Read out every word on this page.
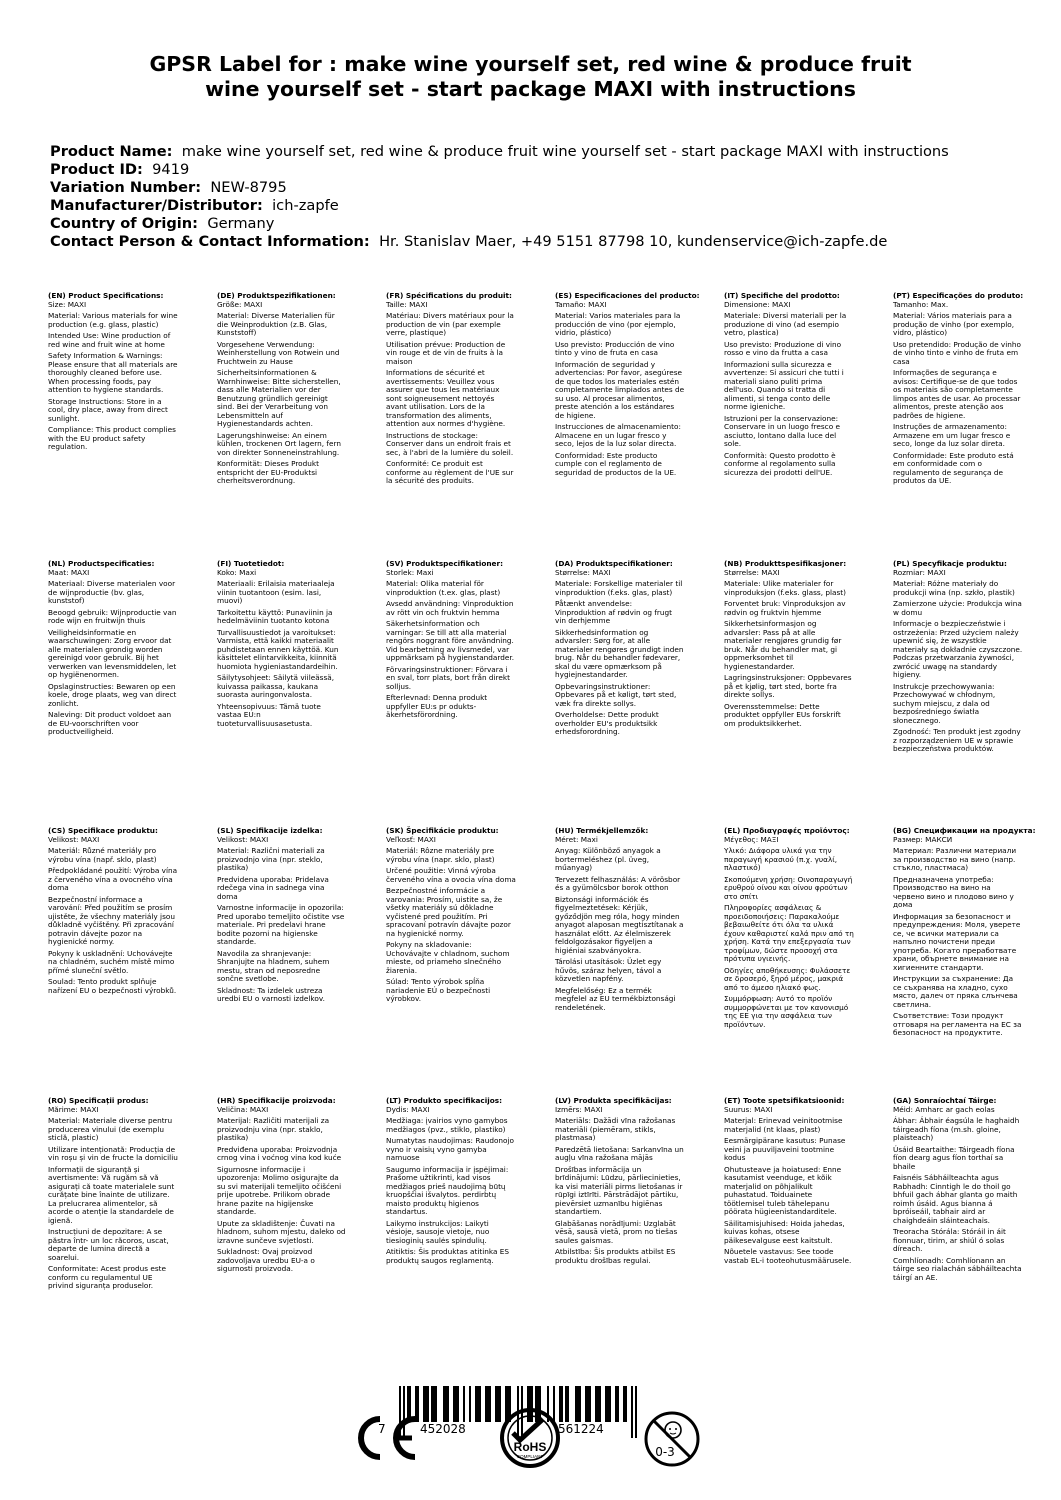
GPSR Label for : make wine yourself set, red wine & produce fruit
wine yourself set - start package MAXI with instructions
Product Name: make wine yourself set, red wine & produce fruit wine yourself set - start package MAXI with instructions
Product ID: 9419
Variation Number: NEW-8795
Manufacturer/Distributor: ich-zapfe
Country of Origin: Germany
Contact Person & Contact Information: Hr. Stanislav Maer, +49 5151 87798 10, kundenservice@ich-zapfe.de
(EN) Product Specifications:
Size: MAXI
Material: Various materials for wine production (e.g. glass, plastic)
Intended Use: Wine production of red wine and fruit wine at home
Safety Information & Warnings: Please ensure that all materials are thoroughly cleaned before use. When processing foods, pay attention to hygiene standards.
Storage Instructions: Store in a cool, dry place, away from direct sunlight.
Compliance: This product complies with the EU product safety regulation.
(DE) Produktspezifikationen:
Größe: MAXI
Material: Diverse Materialien für die Weinproduktion (z.B. Glas, Kunststoff)
Vorgesehene Verwendung: Weinherstellung von Rotwein und Fruchtwein zu Hause
Sicherheitsinformationen & Warnhinweise: Bitte sicherstellen, dass alle Materialien vor der Benutzung gründlich gereinigt sind. Bei der Verarbeitung von Lebensmitteln auf Hygienestandards achten.
Lagerungshinweise: An einem kühlen, trockenen Ort lagern, fern von direkter Sonneneinstrahlung.
Konformität: Dieses Produkt entspricht der EU-Produktsi cherheitsverordnung.
(FR) Spécifications du produit:
Taille: MAXI
Matériau: Divers matériaux pour la production de vin (par exemple verre, plastique)
Utilisation prévue: Production de vin rouge et de vin de fruits à la maison
Informations de sécurité et avertissements: Veuillez vous assurer que tous les matériaux sont soigneusement nettoyés avant utilisation. Lors de la transformation des aliments, attention aux normes d'hygiène.
Instructions de stockage: Conserver dans un endroit frais et sec, à l'abri de la lumière du soleil.
Conformité: Ce produit est conforme au règlement de l'UE sur la sécurité des produits.
(ES) Especificaciones del producto:
Tamaño: MAXI
Material: Varios materiales para la producción de vino (por ejemplo, vidrio, plástico)
Uso previsto: Producción de vino tinto y vino de fruta en casa
Información de seguridad y advertencias: Por favor, asegúrese de que todos los materiales estén completamente limpiados antes de su uso. Al procesar alimentos, preste atención a los estándares de higiene.
Instrucciones de almacenamiento: Almacene en un lugar fresco y seco, lejos de la luz solar directa.
Conformidad: Este producto cumple con el reglamento de seguridad de productos de la UE.
(IT) Specifiche del prodotto:
Dimensione: MAXI
Materiale: Diversi materiali per la produzione di vino (ad esempio vetro, plastica)
Uso previsto: Produzione di vino rosso e vino da frutta a casa
Informazioni sulla sicurezza e avvertenze: Si assicuri che tutti i materiali siano puliti prima dell'uso. Quando si tratta di alimenti, si tenga conto delle norme igieniche.
Istruzioni per la conservazione: Conservare in un luogo fresco e asciutto, lontano dalla luce del sole.
Conformità: Questo prodotto è conforme al regolamento sulla sicurezza dei prodotti dell'UE.
(PT) Especificações do produto:
Tamanho: Max.
Material: Vários materiais para a produção de vinho (por exemplo, vidro, plástico)
Uso pretendido: Produção de vinho de vinho tinto e vinho de fruta em casa
Informações de segurança e avisos: Certifique-se de que todos os materiais são completamente limpos antes de usar. Ao processar alimentos, preste atenção aos padrões de higiene.
Instruções de armazenamento: Armazene em um lugar fresco e seco, longe da luz solar direta.
Conformidade: Este produto está em conformidade com o regulamento de segurança de produtos da UE.
(NL) Productspecificaties:
Maat: MAXI
Materiaal: Diverse materialen voor de wijnproductie (bv. glas, kunststof)
Beoogd gebruik: Wijnproductie van rode wijn en fruitwijn thuis
Veiligheidsinformatie en waarschuwingen: Zorg ervoor dat alle materialen grondig worden gereinigd voor gebruik. Bij het verwerken van levensmiddelen, let op hygiënenormen.
Opslaginstructies: Bewaren op een koele, droge plaats, weg van direct zonlicht.
Naleving: Dit product voldoet aan de EU-voorschriften voor productveiligheid.
(FI) Tuotetiedot:
Koko: Maxi
Materiaali: Erilaisia materiaaleja viinin tuotantoon (esim. lasi, muovi)
Tarkoitettu käyttö: Punaviinin ja hedelmäviinin tuotanto kotona
Turvallisuustiedot ja varoitukset: Varmista, että kaikki materiaalit puhdistetaan ennen käyttöä. Kun käsittelet elintarvikkeita, kiinnitä huomiota hygieniastandardeihin.
Säilytysohjeet: Säilytä viileässä, kuivassa paikassa, kaukana suorasta auringonvalosta.
Yhteensopivuus: Tämä tuote vastaa EU:n tuoteturvallisuusasetusta.
(SV) Produktspecifikationer:
Storlek: Maxi
Material: Olika material för vinproduktion (t.ex. glas, plast)
Avsedd användning: Vinproduktion av rött vin och fruktvin hemma
Säkerhetsinformation och varningar: Se till att alla material rengörs noggrant före användning. Vid bearbetning av livsmedel, var uppmärksam på hygienstandarder.
Förvaringsinstruktioner: Förvara i en sval, torr plats, bort från direkt solljus.
Efterlevnad: Denna produkt uppfyller EU:s pr oduktsäkerhetsförordning.
(DA) Produktspecifikationer:
Størrelse: MAXI
Materiale: Forskellige materialer til vinproduktion (f.eks. glas, plast)
Påtænkt anvendelse: Vinproduktion af rødvin og frugt vin derhjemme
Sikkerhedsinformation og advarsler: Sørg for, at alle materialer rengøres grundigt inden brug. Når du behandler fødevarer, skal du være opmærksom på hygiejnestandarder.
Opbevaringsinstruktioner: Opbevares på et køligt, tørt sted, væk fra direkte sollys.
Overholdelse: Dette produkt overholder EU's produktsikk erhedsforordning.
(NB) Produkttspesifikasjoner:
Størrelse: MAXI
Materiale: Ulike materialer for vinproduksjon (f.eks. glass, plast)
Forventet bruk: Vinproduksjon av rødvin og fruktvin hjemme
Sikkerhetsinformasjon og advarsler: Pass på at alle materialer rengjøres grundig før bruk. Når du behandler mat, gi oppmerksomhet til hygienestandarder.
Lagringsinstruksjoner: Oppbevares på et kjølig, tørt sted, borte fra direkte sollys.
Overensstemmelse: Dette produktet oppfyller EUs forskrift om produktsikkerhet.
(PL) Specyfikacje produktu:
Rozmiar: MAXI
Materiał: Różne materiały do produkcji wina (np. szkło, plastik)
Zamierzone użycie: Produkcja wina w domu
Informacje o bezpieczeństwie i ostrzeżenia: Przed użyciem należy upewnić się, że wszystkie materiały są dokładnie czyszczone. Podczas przetwarzania żywności, zwrócić uwagę na standardy higieny.
Instrukcje przechowywania: Przechowywać w chłodnym, suchym miejscu, z dala od bezpośredniego światła słonecznego.
Zgodność: Ten produkt jest zgodny z rozporządzeniem UE w sprawie bezpieczeństwa produktów.
(CS) Specifikace produktu:
Velikost: MAXI
Materiál: Různé materiály pro výrobu vína (např. sklo, plast)
Předpokládané použití: Výroba vína z červeného vína a ovocného vína doma
Bezpečnostní informace a varování: Před použitím se prosím ujistěte, že všechny materiály jsou důkladně vyčištěny. Při zpracování potravin dávejte pozor na hygienické normy.
Pokyny k uskladnění: Uchovávejte na chladném, suchém místě mimo přímé sluneční světlo.
Soulad: Tento produkt splňuje nařízení EU o bezpečnosti výrobků.
(SL) Specifikacije izdelka:
Velikost: MAXI
Material: Različni materiali za proizvodnjo vina (npr. steklo, plastika)
Predvidena uporaba: Pridelava rdečega vina in sadnega vina doma
Varnostne informacije in opozorila: Pred uporabo temeljito očistite vse materiale. Pri predelavi hrane bodite pozorni na higienske standarde.
Navodila za shranjevanje: Shranjujte na hladnem, suhem mestu, stran od neposredne sončne svetlobe.
Skladnost: Ta izdelek ustreza uredbi EU o varnosti izdelkov.
(SK) Špecifikácie produktu:
Veľkosť: MAXI
Materiál: Rôzne materiály pre výrobu vína (napr. sklo, plast)
Určené použitie: Vinná výroba červeného vína a ovocia vína doma
Bezpečnostné informácie a varovania: Prosím, uistite sa, že všetky materiály sú dôkladne vyčistené pred použitím. Pri spracovaní potravín dávajte pozor na hygienické normy.
Pokyny na skladovanie: Uchovávajte v chladnom, suchom mieste, od priameho slnečného žiarenia.
Súlad: Tento výrobok spĺňa nariadenie EÚ o bezpečnosti výrobkov.
(HU) Termékjellemzők:
Méret: Maxi
Anyag: Különböző anyagok a bortermeléshez (pl. üveg, műanyag)
Tervezett felhasználás: A vörösbor és a gyümölcsbor borok otthon
Biztonsági információk és figyelmeztetések: Kérjük, győződjön meg róla, hogy minden anyagot alaposan megtisztítanak a használat előtt. Az élelmiszerek feldolgozásakor figyeljen a higiéniai szabványokra.
Tárolási utasítások: Üzlet egy hűvös, száraz helyen, távol a közvetlen napfény.
Megfelelőség: Ez a termék megfelel az EU termékbiztonsági rendeletének.
(EL) Προδιαγραφές προϊόντος:
Μέγεθος: MAΞΙ
Υλικό: Διάφορα υλικά για την παραγωγή κρασιού (π.χ. γυαλί, πλαστικό)
Σκοπούμενη χρήση: Οινοπαραγωγή ερυθρού οίνου και οίνου φρούτων στο σπίτι
Πληροφορίες ασφάλειας & προειδοποιήσεις: Παρακαλούμε βεβαιωθείτε ότι όλα τα υλικά έχουν καθαριστεί καλά πριν από τη χρήση. Κατά την επεξεργασία των τροφίμων, δώστε προσοχή στα πρότυπα υγιεινής.
Οδηγίες αποθήκευσης: Φυλάσσετε σε δροσερό, ξηρό μέρος, μακριά από το άμεσο ηλιακό φως.
Συμμόρφωση: Αυτό το προϊόν συμμορφώνεται με τον κανονισμό της ΕΕ για την ασφάλεια των προϊόντων.
(BG) Спецификации на продукта:
Размер: МАКСИ
Материал: Различни материали за производство на вино (напр. стъкло, пластмаса)
Предназначена употреба: Производство на вино на червено вино и плодово вино у дома
Информация за безопасност и предупреждения: Моля, уверете се, че всички материали са напълно почистени преди употреба. Когато преработвате храни, обърнете внимание на хигиенните стандарти.
Инструкции за съхранение: Да се съхранява на хладно, сухо място, далеч от пряка слънчева светлина.
Съответствие: Този продукт отговаря на регламента на ЕС за безопасност на продуктите.
(RO) Specificații produs:
Mărime: MAXI
Material: Materiale diverse pentru producerea vinului (de exemplu sticlă, plastic)
Utilizare intenționată: Producția de vin roșu și vin de fructe la domiciliu
Informații de siguranță și avertismente: Vă rugăm să vă asigurați că toate materialele sunt curățate bine înainte de utilizare. La prelucrarea alimentelor, să acorde o atenție la standardele de igienă.
Instrucțiuni de depozitare: A se păstra într- un loc răcoros, uscat, departe de lumina directă a soarelui.
Conformitate: Acest produs este conform cu regulamentul UE privind siguranța produselor.
(HR) Specifikacije proizvoda:
Veličina: MAXI
Materijal: Različiti materijali za proizvodnju vina (npr. staklo, plastika)
Predviđena uporaba: Proizvodnja crnog vina i voćnog vina kod kuće
Sigurnosne informacije i upozorenja: Molimo osigurajte da su svi materijali temeljito očišćeni prije upotrebe. Prilikom obrade hrane pazite na higijenske standarde.
Upute za skladištenje: Čuvati na hladnom, suhom mjestu, daleko od izravne sunčeve svjetlosti.
Sukladnost: Ovaj proizvod zadovoljava uredbu EU-a o sigurnosti proizvoda.
(LT) Produkto specifikacijos:
Dydis: MAXI
Medžiaga: įvairios vyno gamybos medžiagos (pvz., stiklo, plastiko)
Numatytas naudojimas: Raudonojo vyno ir vaisių vyno gamyba namuose
Saugumo informacija ir įspėjimai: Prašome užtikrinti, kad visos medžiagos prieš naudojimą būtų kruopščiai išvalytos. perdirbtų maisto produktų higienos standartus.
Laikymo instrukcijos: Laikyti vėsioje, sausoje vietoje, nuo tiesioginių saulės spindulių.
Atitiktis: Šis produktas atitinka ES produktų saugos reglamentą.
(LV) Produkta specifikācijas:
Izmērs: MAXI
Materiāls: Dažādi vīna ražošanas materiāli (piemēram, stikls, plastmasa)
Paredzētā lietošana: Sarkanvīna un augļu vīna ražošana mājās
Drošības informācija un brīdinājumi: Lūdzu, pārliecinieties, ka visi materiāli pirms lietošanas ir rūpīgi iztīrīti. Pārstrādājot pārtiku, pievērsiet uzmanību higiēnas standartiem.
Glabāšanas norādījumi: Uzglabāt vēsā, sausā vietā, prom no tiešas saules gaismas.
Atbilstība: Šis produkts atbilst ES produktu drošības regulai.
(ET) Toote spetsifikatsioonid:
Suurus: MAXI
Materjal: Erinevad veinitootmise materjalid (nt klaas, plast)
Eesmärgipärane kasutus: Punase veini ja puuviljaveini tootmine kodus
Ohutusteave ja hoiatused: Enne kasutamist veenduge, et kõik materjalid on põhjalikult puhastatud. Toiduainete töötlemisel tuleb tähelepanu pöörata hügieenistandarditele.
Säilitamisjuhised: Hoida jahedas, kuivas kohas, otsese päikesevalguse eest kaitstult.
Nõuetele vastavus: See toode vastab EL-i tooteohutusmäärusele.
(GA) Sonraíochtaí Táirge:
Méid: Amharc ar gach eolas
Ábhar: Ábhair éagsúla le haghaidh táirgeadh fíona (m.sh. gloine, plaisteach)
Úsáid Beartaithe: Táirgeadh fíona fíon dearg agus fíon torthaí sa bhaile
Faisnéis Sábháilteachta agus Rabhadh: Cinntigh le do thoil go bhfuil gach ábhar glanta go maith roimh úsáid. Agus bianna á bpróiseáil, tabhair aird ar chaighdeáin sláinteachais.
Treoracha Stórála: Stóráil in áit fionnuar, tirim, ar shiúl ó solas díreach.
Comhlíonadh: Comhlíonann an táirge seo rialachán sábháilteachta táirgí an AE.
7	452028	561224
RoHS
COMPLIANT	0-3
